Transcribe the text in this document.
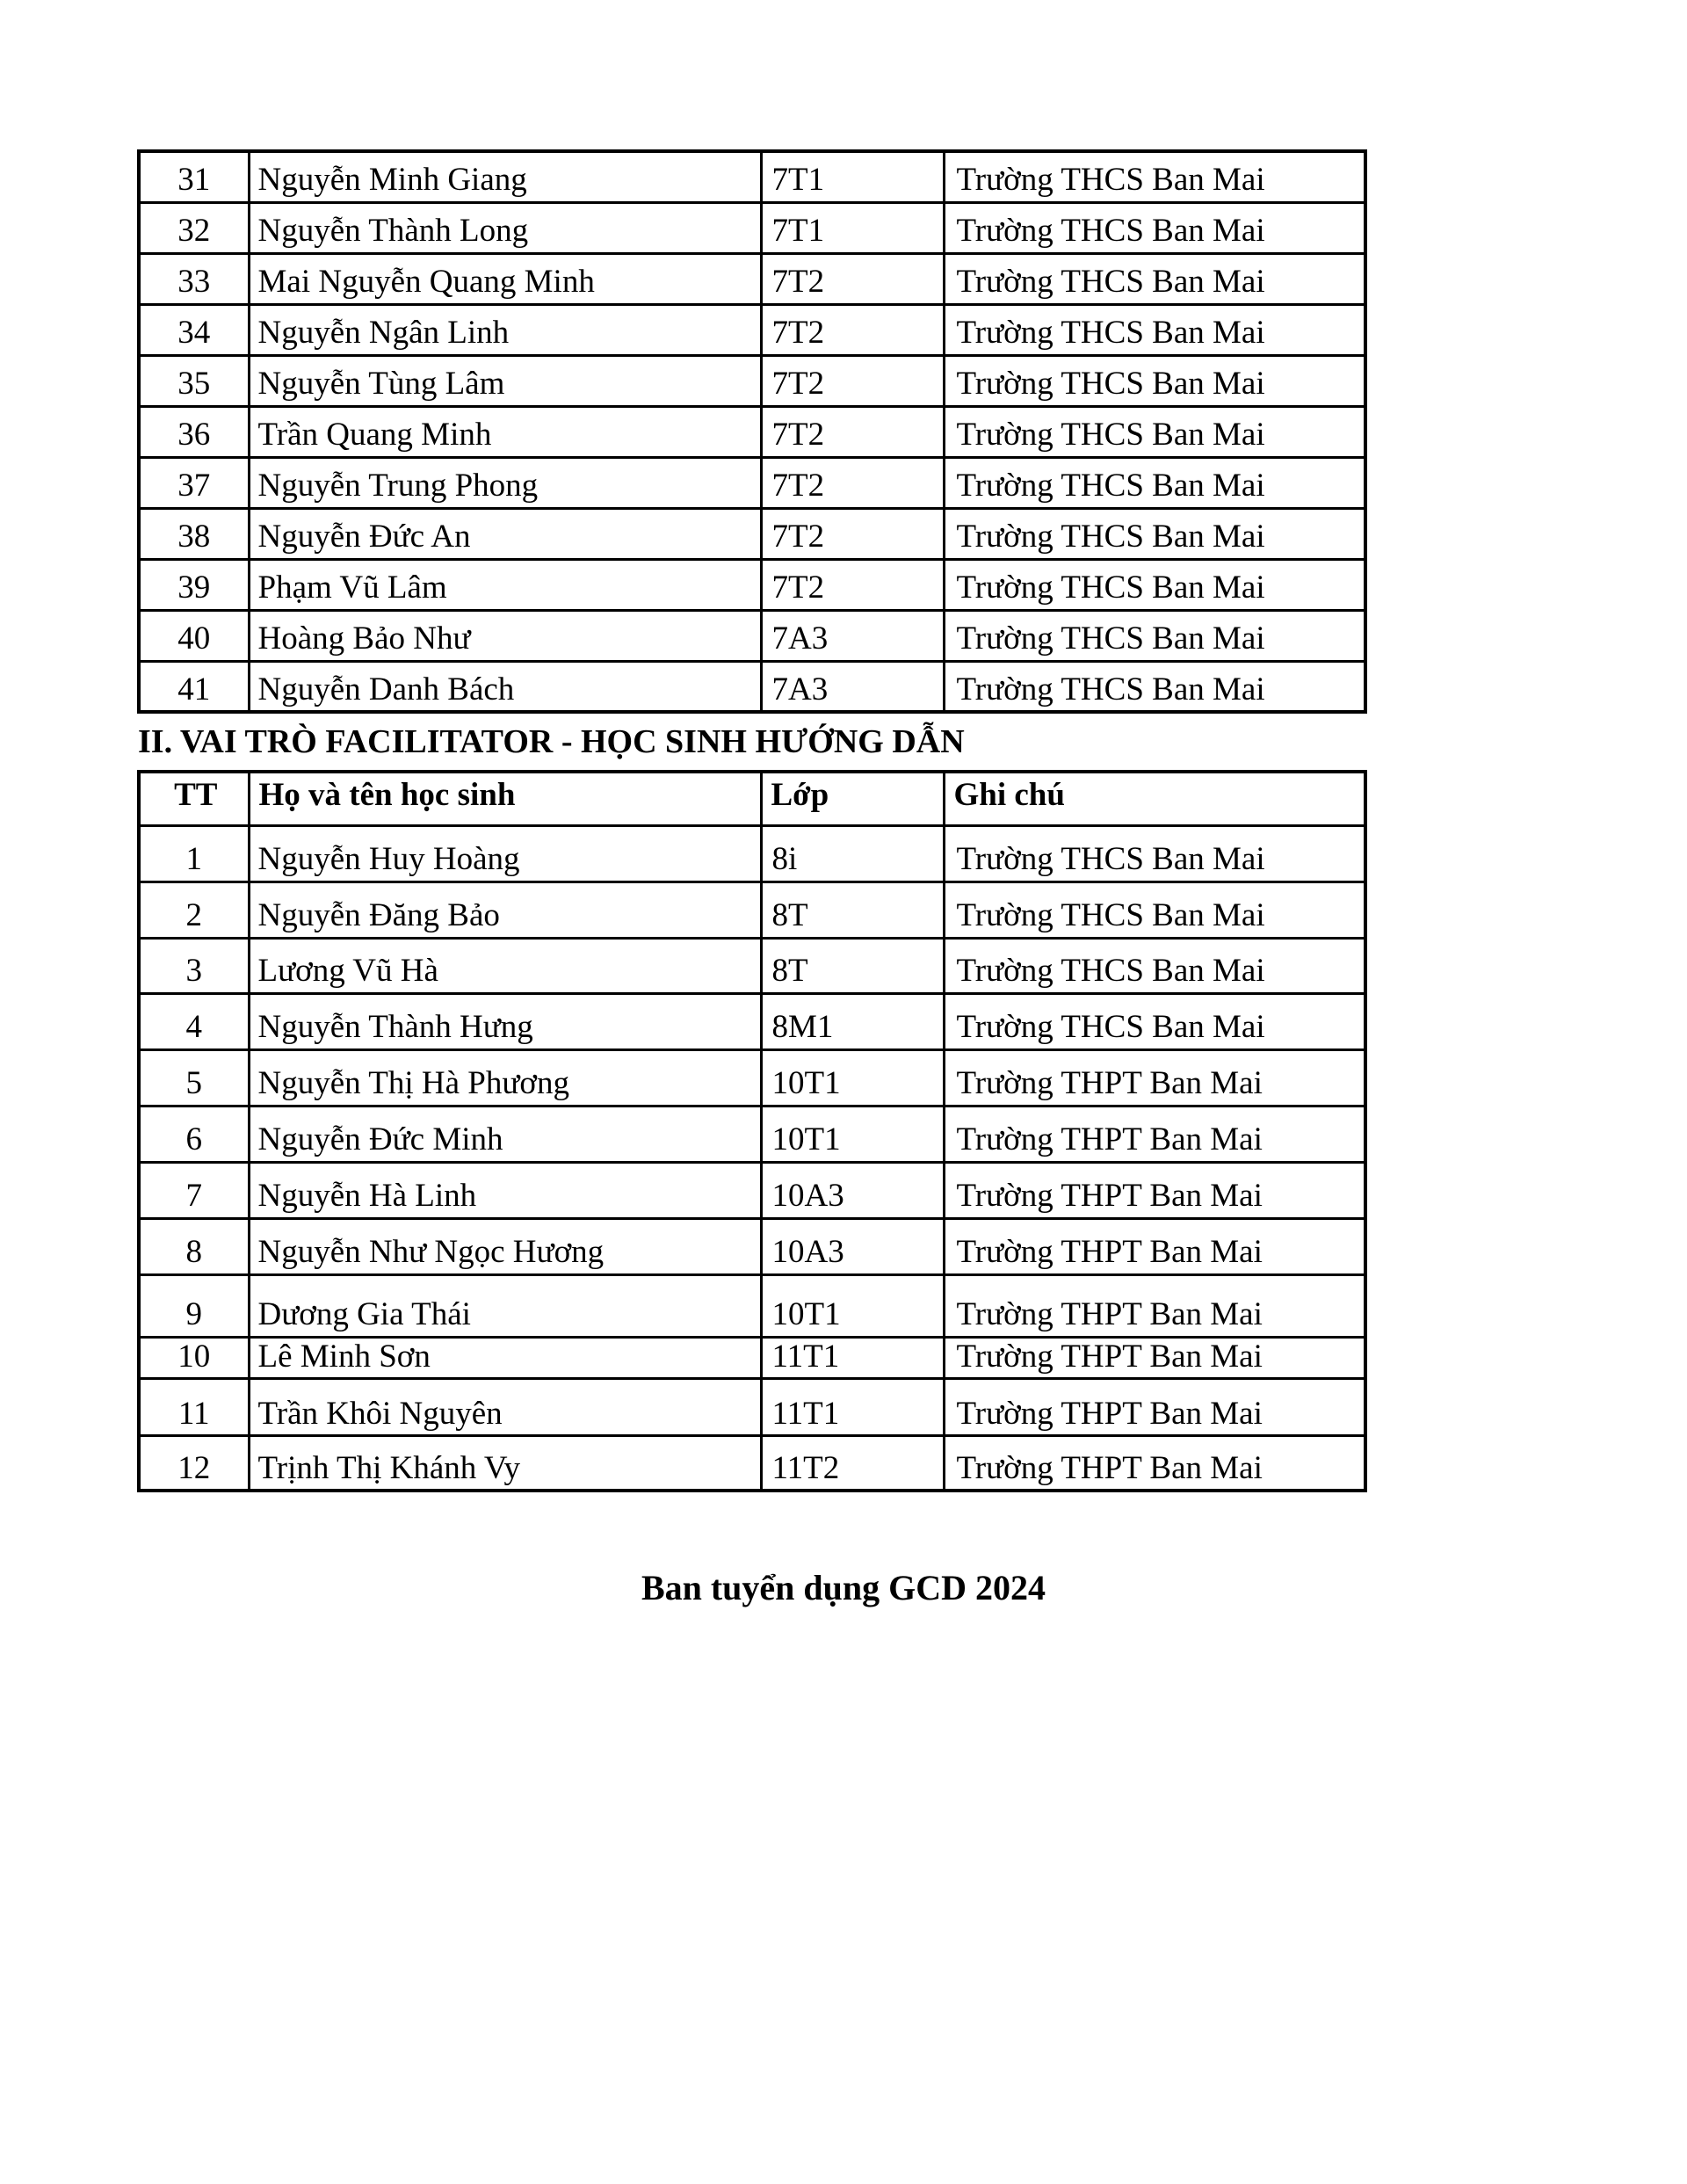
31	Nguyễn Minh Giang	7T1	Trường THCS Ban Mai
32	Nguyễn Thành Long	7T1	Trường THCS Ban Mai
33	Mai Nguyễn Quang Minh	7T2	Trường THCS Ban Mai
34	Nguyễn Ngân Linh	7T2	Trường THCS Ban Mai
35	Nguyễn Tùng Lâm	7T2	Trường THCS Ban Mai
36	Trần Quang Minh	7T2	Trường THCS Ban Mai
37	Nguyễn Trung Phong	7T2	Trường THCS Ban Mai
38	Nguyễn Đức An	7T2	Trường THCS Ban Mai
39	Phạm Vũ Lâm	7T2	Trường THCS Ban Mai
40	Hoàng Bảo Như	7A3	Trường THCS Ban Mai
41	Nguyễn Danh Bách	7A3	Trường THCS Ban Mai
II. VAI TRÒ FACILITATOR - HỌC SINH HƯỚNG DẪN
TT	Họ và tên học sinh	Lớp	Ghi chú
1	Nguyễn Huy Hoàng	8i	Trường THCS Ban Mai
2	Nguyễn Đăng Bảo	8T	Trường THCS Ban Mai
3	Lương Vũ Hà	8T	Trường THCS Ban Mai
4	Nguyễn Thành Hưng	8M1	Trường THCS Ban Mai
5	Nguyễn Thị Hà Phương	10T1	Trường THPT Ban Mai
6	Nguyễn Đức Minh	10T1	Trường THPT Ban Mai
7	Nguyễn Hà Linh	10A3	Trường THPT Ban Mai
8	Nguyễn Như Ngọc Hương	10A3	Trường THPT Ban Mai
9	Dương Gia Thái	10T1	Trường THPT Ban Mai
10	Lê Minh Sơn	11T1	Trường THPT Ban Mai
11	Trần Khôi Nguyên	11T1	Trường THPT Ban Mai
12	Trịnh Thị Khánh Vy	11T2	Trường THPT Ban Mai
Ban tuyển dụng GCD 2024
